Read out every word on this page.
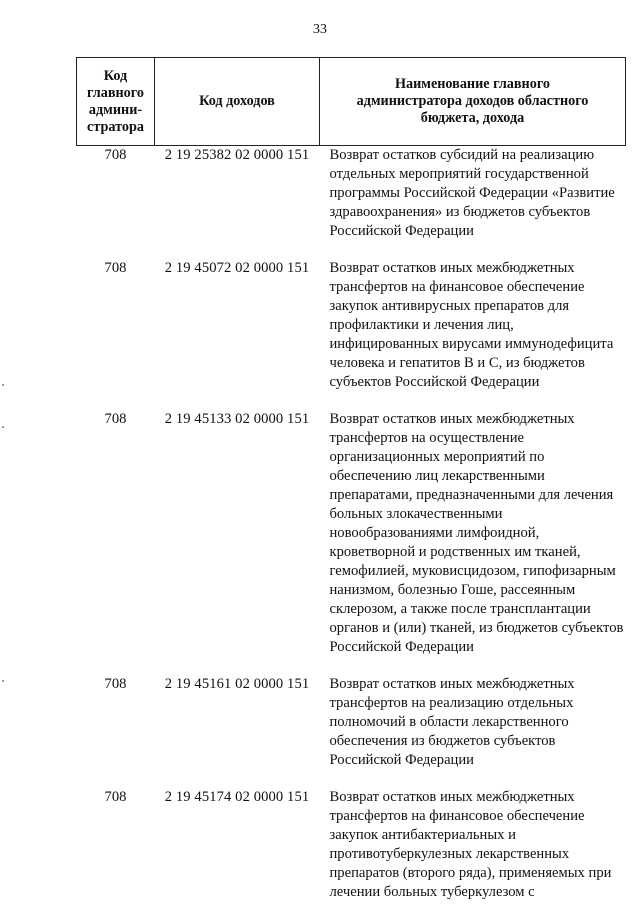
33
Код главного админи-стратора	Код доходов	Наименование главного администратора доходов областного бюджета, дохода
708	2 19 25382 02 0000 151	Возврат остатков субсидий на реализацию отдельных мероприятий государственной программы Российской Федерации «Развитие здравоохранения» из бюджетов субъектов Российской Федерации
708	2 19 45072 02 0000 151	Возврат остатков иных межбюджетных трансфертов на финансовое обеспечение закупок антивирусных препаратов для профилактики и лечения лиц, инфицированных вирусами иммунодефицита человека и гепатитов В и С, из бюджетов субъектов Российской Федерации
708	2 19 45133 02 0000 151	Возврат остатков иных межбюджетных трансфертов на осуществление организационных мероприятий по обеспечению лиц лекарственными препаратами, предназначенными для лечения больных злокачественными новообразованиями лимфоидной, кроветворной и родственных им тканей, гемофилией, муковисцидозом, гипофизарным нанизмом, болезнью Гоше, рассеянным склерозом, а также после трансплантации органов и (или) тканей, из бюджетов субъектов Российской Федерации
708	2 19 45161 02 0000 151	Возврат остатков иных межбюджетных трансфертов на реализацию отдельных полномочий в области лекарственного обеспечения из бюджетов субъектов Российской Федерации
708	2 19 45174 02 0000 151	Возврат остатков иных межбюджетных трансфертов на финансовое обеспечение закупок антибактериальных и противотуберкулезных лекарственных препаратов (второго ряда), применяемых при лечении больных туберкулезом с
